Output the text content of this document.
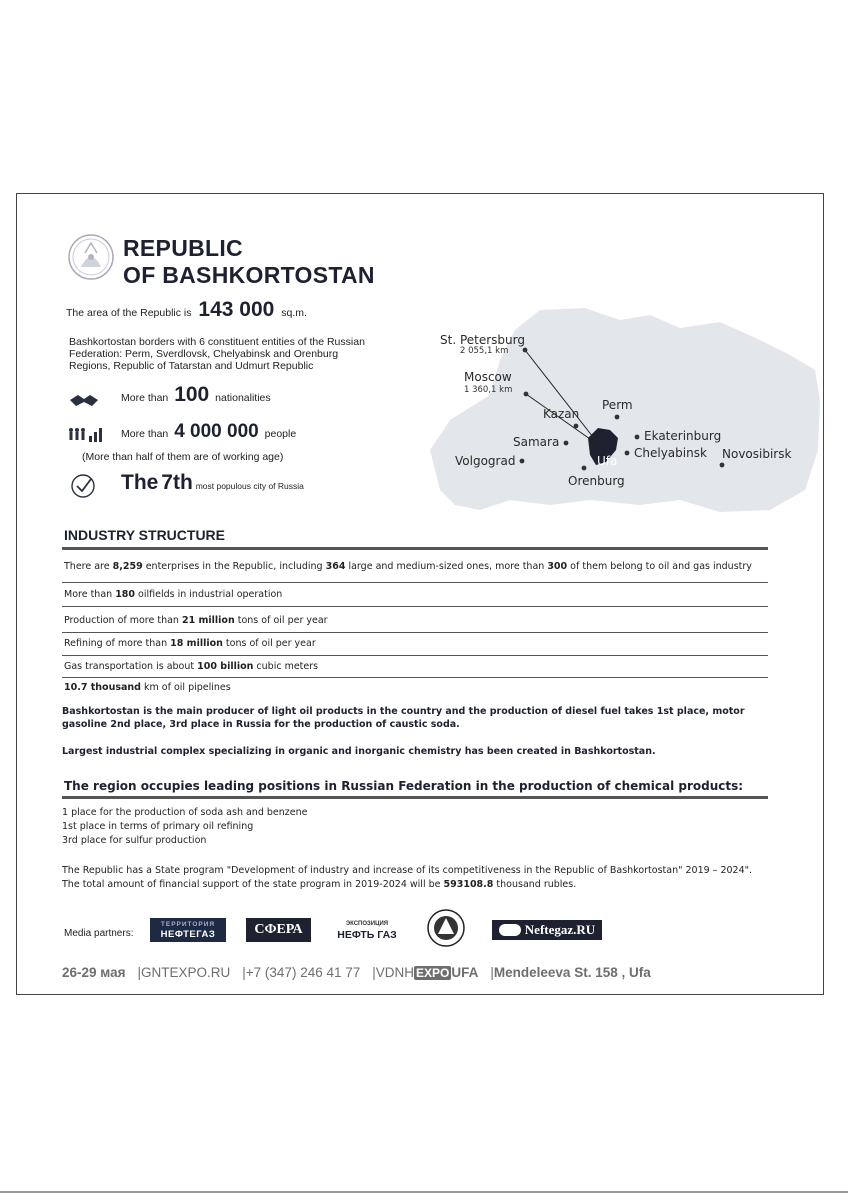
REPUBLIC
OF BASHKORTOSTAN
The area of the Republic is 143 000 sq.m.
Bashkortostan borders with 6 constituent entities of the Russian Federation: Perm, Sverdlovsk, Chelyabinsk and Orenburg Regions, Republic of Tatarstan and Udmurt Republic
More than 100 nationalities
More than 4 000 000 people
(More than half of them are of working age)
The 7th most populous city of Russia
St. Petersburg
2 055,1 km
Moscow
1 360,1 km
Kazan
Perm
Samara
Volgograd	Ufa
Ekaterinburg
Chelyabinsk Novosibirsk
Orenburg
INDUSTRY STRUCTURE
There are 8,259 enterprises in the Republic, including 364 large and medium-sized ones, more than 300 of them belong to oil and gas industry
More than 180 oilfields in industrial operation
Production of more than 21 million tons of oil per year
Refining of more than 18 million tons of oil per year
Gas transportation is about 100 billion cubic meters
10.7 thousand km of oil pipelines
Bashkortostan is the main producer of light oil products in the country and the production of diesel fuel takes 1st place, motor gasoline 2nd place, 3rd place in Russia for the production of caustic soda.
Largest industrial complex specializing in organic and inorganic chemistry has been created in Bashkortostan.
The region occupies leading positions in Russian Federation in the production of chemical products:
1 place for the production of soda ash and benzene
1st place in terms of primary oil refining
3rd place for sulfur production
The Republic has a State program "Development of industry and increase of its competitiveness in the Republic of Bashkortostan" 2019 – 2024".
The total amount of financial support of the state program in 2019-2024 will be 593108.8 thousand rubles.
Media partners:
ТЕРРИТОРИЯ
НЕФТЕГАЗ	СФЕРА	ЭКСПОЗИЦИЯ
НЕФТЬ ГАЗ	Neftegaz.RU
26-29 мая |GNTEXPO.RU |+7 (347) 246 41 77 |VDNH EXPO UFA |Mendeleeva St. 158 , Ufa
